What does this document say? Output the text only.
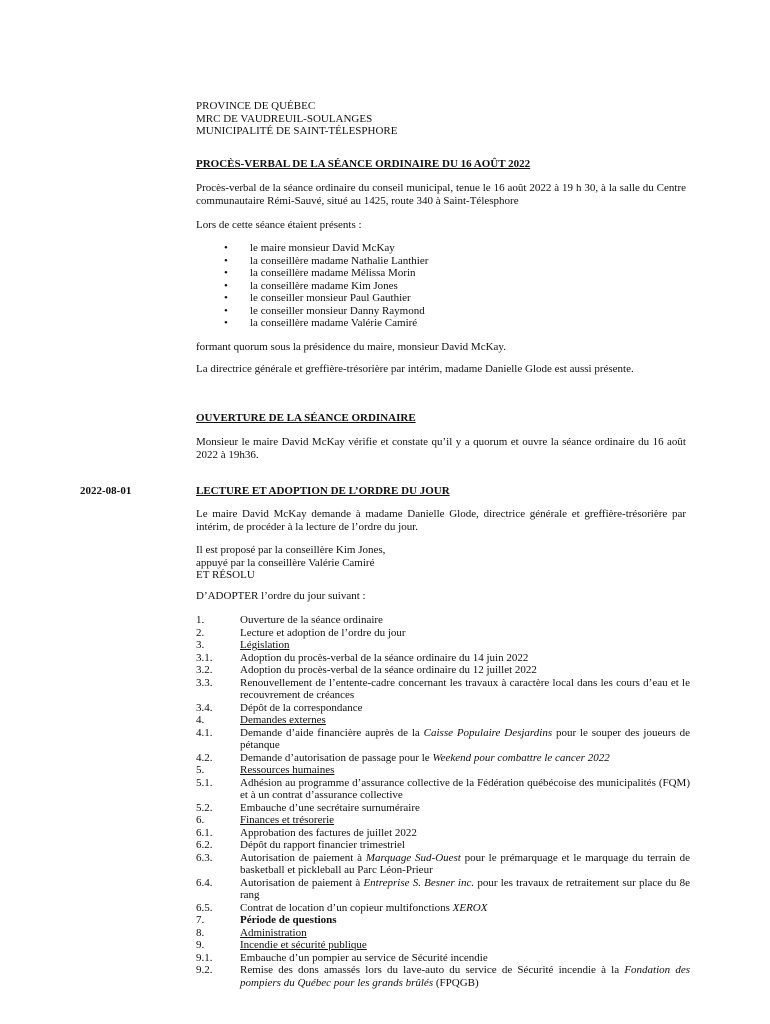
PROVINCE DE QUÉBEC
MRC DE VAUDREUIL-SOULANGES
MUNICIPALITÉ DE SAINT-TÉLESPHORE
PROCÈS-VERBAL DE LA SÉANCE ORDINAIRE DU 16 AOÛT 2022
Procès-verbal de la séance ordinaire du conseil municipal, tenue le 16 août 2022 à 19 h 30, à la salle du Centre communautaire Rémi-Sauvé, situé au 1425, route 340 à Saint-Télesphore
Lors de cette séance étaient présents :
• le maire monsieur David McKay
• la conseillère madame Nathalie Lanthier
• la conseillère madame Mélissa Morin
• la conseillère madame Kim Jones
• le conseiller monsieur Paul Gauthier
• le conseiller monsieur Danny Raymond
• la conseillère madame Valérie Camiré
formant quorum sous la présidence du maire, monsieur David McKay.
La directrice générale et greffière-trésorière par intérim, madame Danielle Glode est aussi présente.
OUVERTURE DE LA SÉANCE ORDINAIRE
Monsieur le maire David McKay vérifie et constate qu’il y a quorum et ouvre la séance ordinaire du 16 août 2022 à 19h36.
2022-08-01	LECTURE ET ADOPTION DE L’ORDRE DU JOUR
Le maire David McKay demande à madame Danielle Glode, directrice générale et greffière-trésorière par intérim, de procéder à la lecture de l’ordre du jour.
Il est proposé par la conseillère Kim Jones,
appuyé par la conseillère Valérie Camiré
ET RÉSOLU
D’ADOPTER l’ordre du jour suivant :
1.	Ouverture de la séance ordinaire
2.	Lecture et adoption de l’ordre du jour
3.	Législation
3.1.	Adoption du procès-verbal de la séance ordinaire du 14 juin 2022
3.2.	Adoption du procès-verbal de la séance ordinaire du 12 juillet 2022
3.3.	Renouvellement de l’entente-cadre concernant les travaux à caractère local dans les cours d’eau et le recouvrement de créances
3.4.	Dépôt de la correspondance
4.	Demandes externes
4.1.	Demande d’aide financière auprès de la Caisse Populaire Desjardins pour le souper des joueurs de pétanque
4.2.	Demande d’autorisation de passage pour le Weekend pour combattre le cancer 2022
5.	Ressources humaines
5.1.	Adhésion au programme d’assurance collective de la Fédération québécoise des municipalités (FQM) et à un contrat d’assurance collective
5.2.	Embauche d’une secrétaire surnuméraire
6.	Finances et trésorerie
6.1.	Approbation des factures de juillet 2022
6.2.	Dépôt du rapport financier trimestriel
6.3.	Autorisation de paiement à Marquage Sud-Ouest pour le prémarquage et le marquage du terrain de basketball et pickleball au Parc Léon-Prieur
6.4.	Autorisation de paiement à Entreprise S. Besner inc. pour les travaux de retraitement sur place du 8e rang
6.5.	Contrat de location d’un copieur multifonctions XEROX
7.	Période de questions
8.	Administration
9.	Incendie et sécurité publique
9.1.	Embauche d’un pompier au service de Sécurité incendie
9.2.	Remise des dons amassés lors du lave-auto du service de Sécurité incendie à la Fondation des pompiers du Québec pour les grands brûlés (FPQGB)
